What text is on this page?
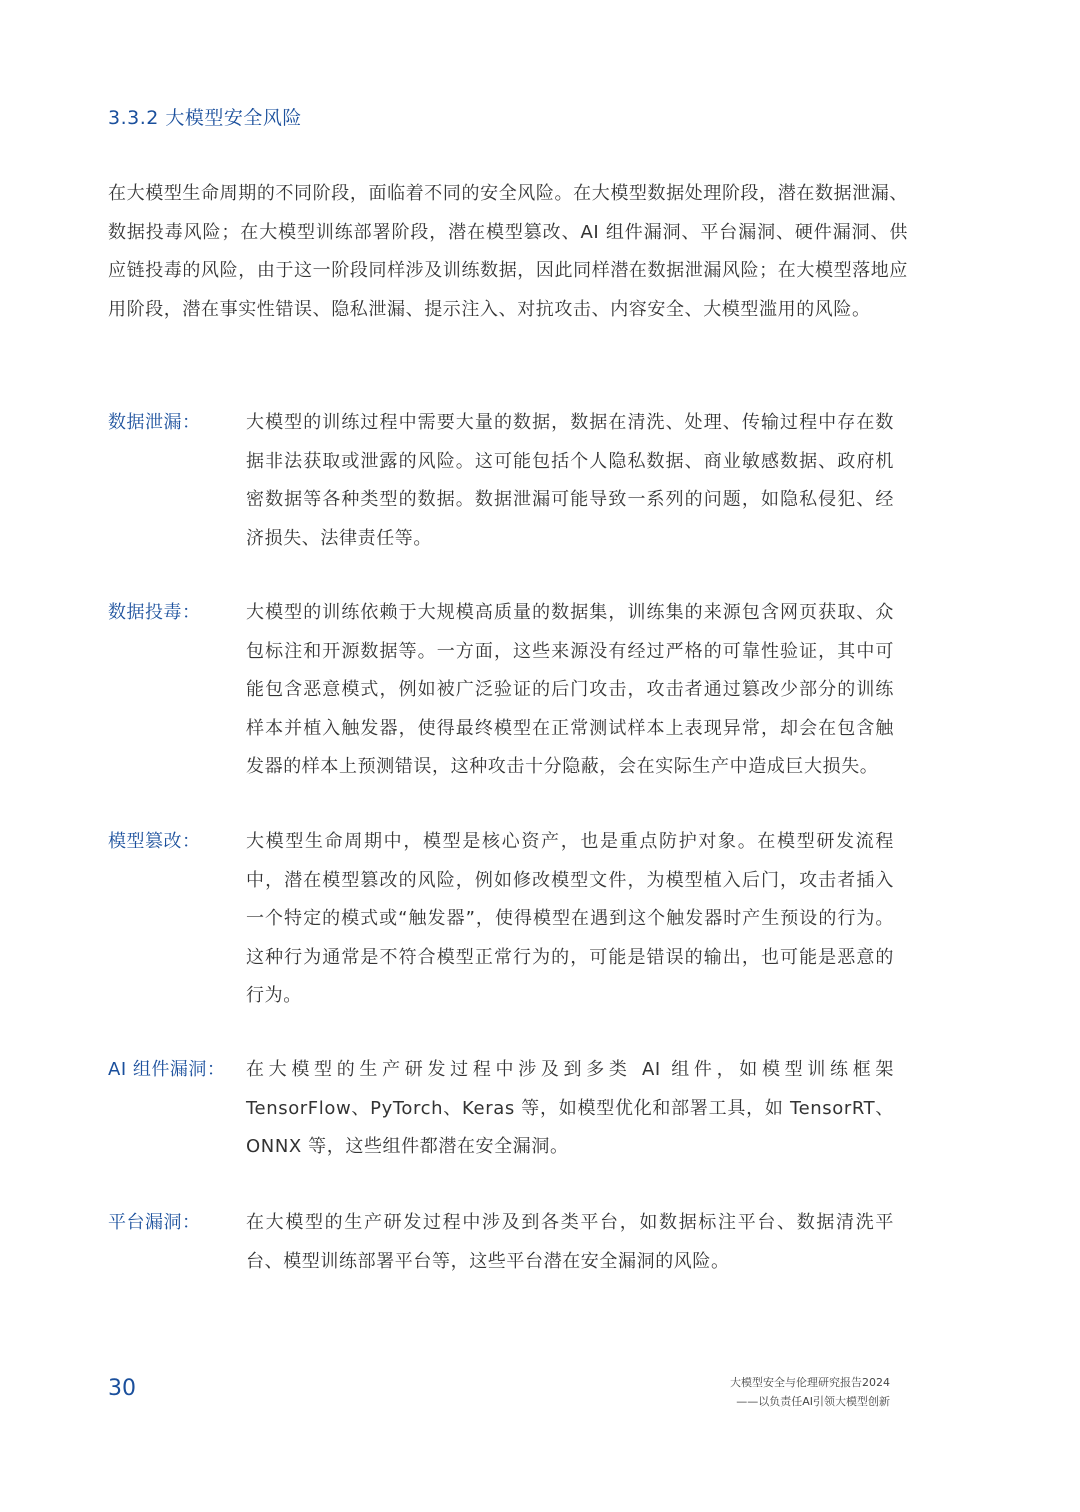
3.3.2 大模型安全风险
在大模型生命周期的不同阶段，面临着不同的安全风险。在大模型数据处理阶段，潜在数据泄漏、数据投毒风险；在大模型训练部署阶段，潜在模型篡改、AI 组件漏洞、平台漏洞、硬件漏洞、供应链投毒的风险，由于这一阶段同样涉及训练数据，因此同样潜在数据泄漏风险；在大模型落地应用阶段，潜在事实性错误、隐私泄漏、提示注入、对抗攻击、内容安全、大模型滥用的风险。
数据泄漏：	大模型的训练过程中需要大量的数据，数据在清洗、处理、传输过程中存在数据非法获取或泄露的风险。这可能包括个人隐私数据、商业敏感数据、政府机密数据等各种类型的数据。数据泄漏可能导致一系列的问题，如隐私侵犯、经济损失、法律责任等。
数据投毒：	大模型的训练依赖于大规模高质量的数据集，训练集的来源包含网页获取、众包标注和开源数据等。一方面，这些来源没有经过严格的可靠性验证，其中可能包含恶意模式，例如被广泛验证的后门攻击，攻击者通过篡改少部分的训练样本并植入触发器，使得最终模型在正常测试样本上表现异常，却会在包含触发器的样本上预测错误，这种攻击十分隐蔽，会在实际生产中造成巨大损失。
模型篡改：	大模型生命周期中，模型是核心资产，也是重点防护对象。在模型研发流程中，潜在模型篡改的风险，例如修改模型文件，为模型植入后门，攻击者插入一个特定的模式或“触发器”，使得模型在遇到这个触发器时产生预设的行为。这种行为通常是不符合模型正常行为的，可能是错误的输出，也可能是恶意的行为。
AI 组件漏洞： 在大模型的生产研发过程中涉及到多类 AI 组件，如模型训练框架 TensorFlow、PyTorch、Keras 等，如模型优化和部署工具，如 TensorRT、ONNX 等，这些组件都潜在安全漏洞。
平台漏洞：	在大模型的生产研发过程中涉及到各类平台，如数据标注平台、数据清洗平台、模型训练部署平台等，这些平台潜在安全漏洞的风险。
30	大模型安全与伦理研究报告2024
——以负责任AI引领大模型创新
